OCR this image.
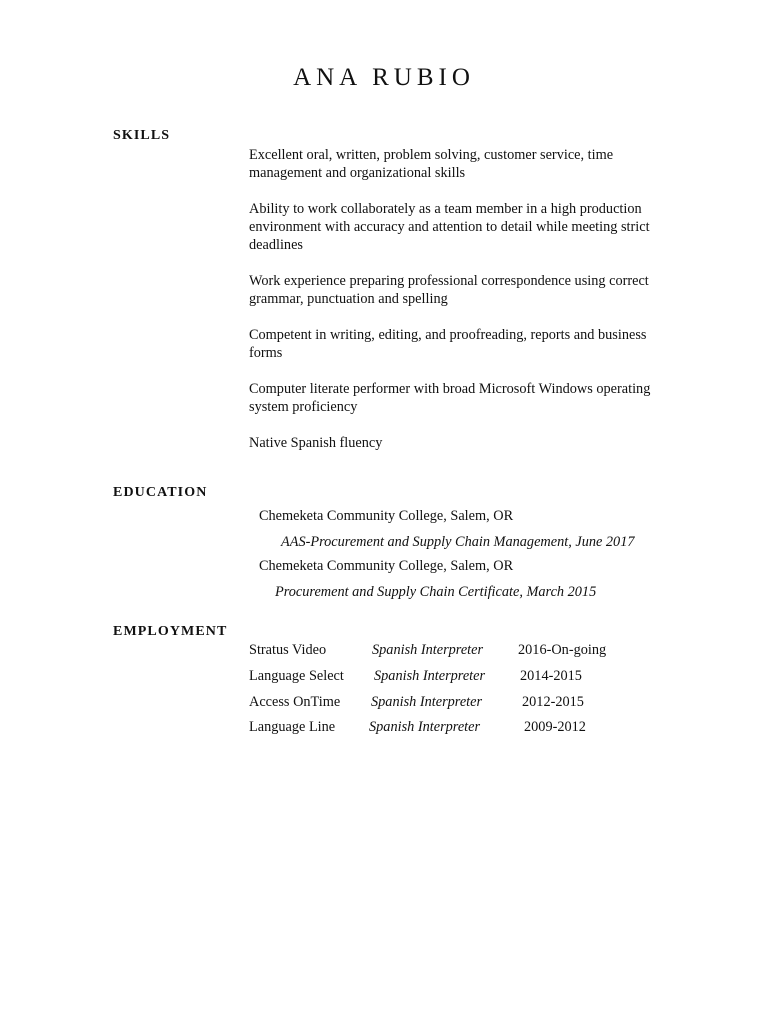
ANA RUBIO
SKILLS
Excellent oral, written, problem solving, customer service, time management and organizational skills
Ability to work collaborately as a team member in a high production environment with accuracy and attention to detail while meeting strict deadlines
Work experience preparing professional correspondence using correct grammar, punctuation and spelling
Competent in writing, editing, and proofreading, reports and business forms
Computer literate performer with broad Microsoft Windows operating system proficiency
Native Spanish fluency
EDUCATION
Chemeketa Community College, Salem, OR
AAS-Procurement and Supply Chain Management, June 2017
Chemeketa Community College, Salem, OR
Procurement and Supply Chain Certificate, March 2015
EMPLOYMENT
Stratus Video	Spanish Interpreter 2016-On-going
Language Select Spanish Interpreter 2014-2015
Access OnTime Spanish Interpreter	2012-2015
Language Line Spanish Interpreter	2009-2012
